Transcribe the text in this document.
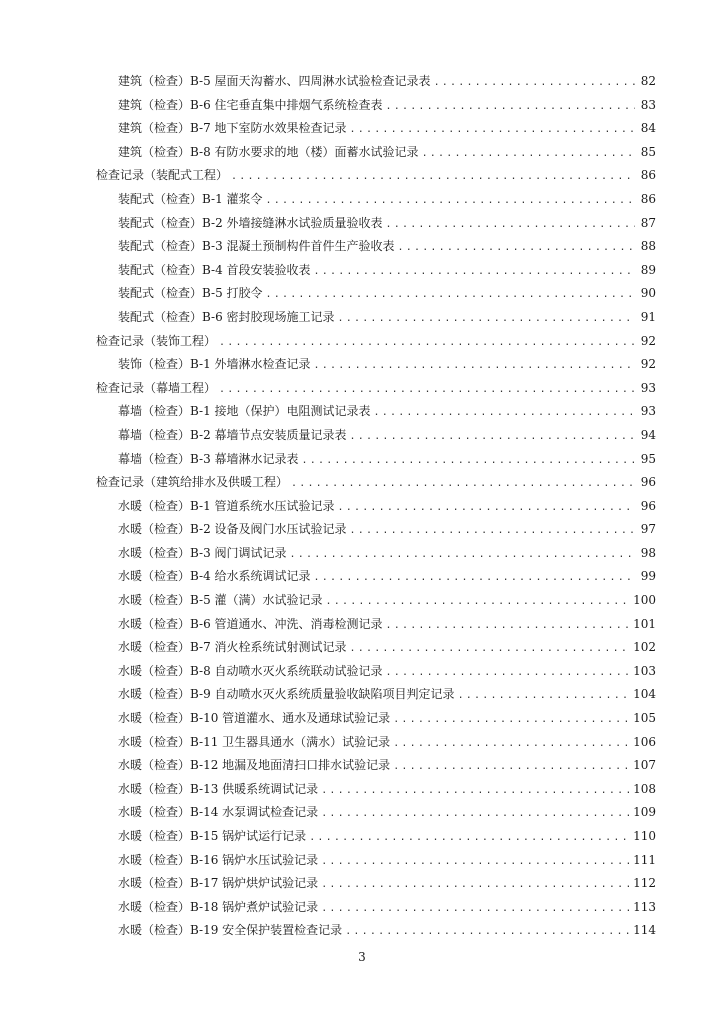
建筑（检查）B-5 屋面天沟蓄水、四周淋水试验检查记录表 .....	82
建筑（检查）B-6 住宅垂直集中排烟气系统检查表 .....	83
建筑（检查）B-7 地下室防水效果检查记录 .....	84
建筑（检查）B-8 有防水要求的地（楼）面蓄水试验记录 .....	85
检查记录（装配式工程） .....	86
装配式（检查）B-1 灌浆令 .....	86
装配式（检查）B-2 外墙接缝淋水试验质量验收表 .....	87
装配式（检查）B-3 混凝土预制构件首件生产验收表 .....	88
装配式（检查）B-4 首段安装验收表 .....	89
装配式（检查）B-5 打胶令 .....	90
装配式（检查）B-6 密封胶现场施工记录 .....	91
检查记录（装饰工程） .....	92
装饰（检查）B-1 外墙淋水检查记录 .....	92
检查记录（幕墙工程） .....	93
幕墙（检查）B-1 接地（保护）电阻测试记录表 .....	93
幕墙（检查）B-2 幕墙节点安装质量记录表 .....	94
幕墙（检查）B-3 幕墙淋水记录表 .....	95
检查记录（建筑给排水及供暖工程） .....	96
水暖（检查）B-1 管道系统水压试验记录 .....	96
水暖（检查）B-2 设备及阀门水压试验记录 .....	97
水暖（检查）B-3 阀门调试记录 .....	98
水暖（检查）B-4 给水系统调试记录 .....	99
水暖（检查）B-5 灌（满）水试验记录 .....	100
水暖（检查）B-6 管道通水、冲洗、消毒检测记录 .....	101
水暖（检查）B-7 消火栓系统试射测试记录 .....	102
水暖（检查）B-8 自动喷水灭火系统联动试验记录 .....	103
水暖（检查）B-9 自动喷水灭火系统质量验收缺陷项目判定记录 .....	104
水暖（检查）B-10 管道灌水、通水及通球试验记录 .....	105
水暖（检查）B-11 卫生器具通水（满水）试验记录 .....	106
水暖（检查）B-12 地漏及地面清扫口排水试验记录 .....	107
水暖（检查）B-13 供暖系统调试记录 .....	108
水暖（检查）B-14 水泵调试检查记录 .....	109
水暖（检查）B-15 锅炉试运行记录 .....	110
水暖（检查）B-16 锅炉水压试验记录 .....	111
水暖（检查）B-17 锅炉烘炉试验记录 .....	112
水暖（检查）B-18 锅炉煮炉试验记录 .....	113
水暖（检查）B-19 安全保护装置检查记录 .....	114
3
